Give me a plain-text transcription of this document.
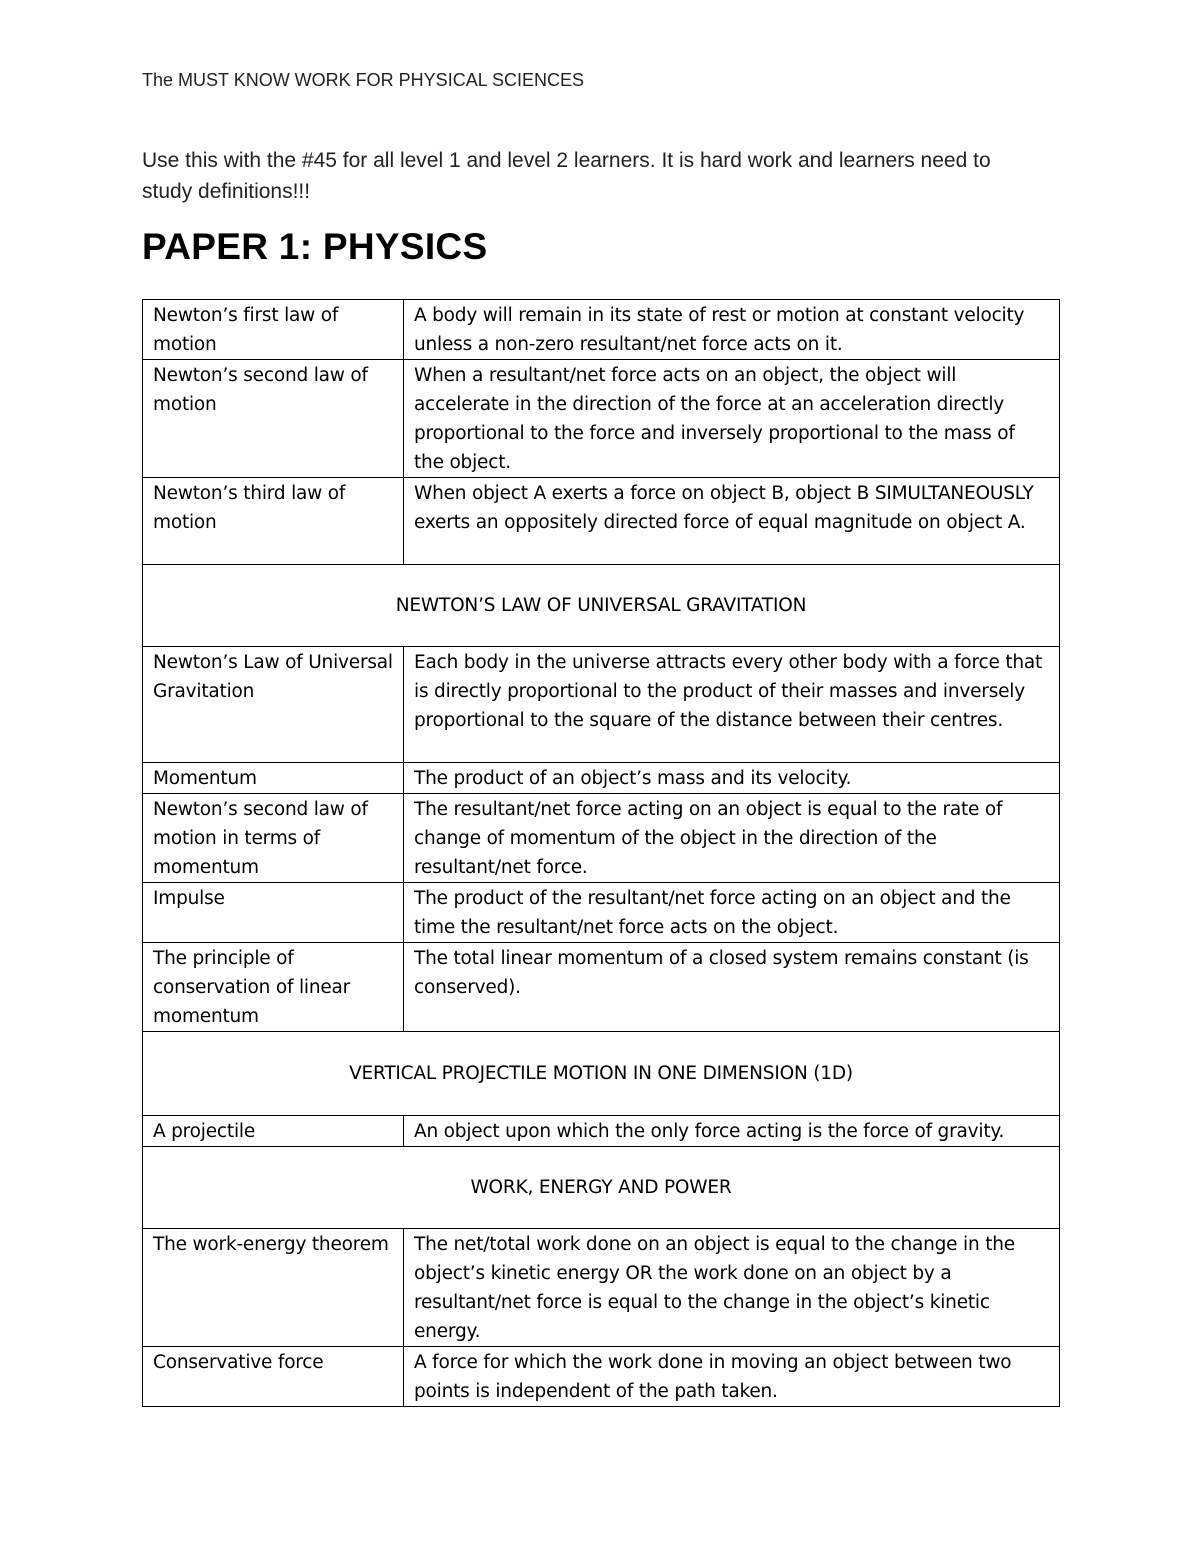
The MUST KNOW WORK FOR PHYSICAL SCIENCES

Use this with the #45 for all level 1 and level 2 learners. It is hard work and learners need to study definitions!!!

PAPER 1: PHYSICS
Newton’s first law of motion	A body will remain in its state of rest or motion at constant velocity unless a non-zero resultant/net force acts on it.
Newton’s second law of motion	When a resultant/net force acts on an object, the object will accelerate in the direction of the force at an acceleration directly proportional to the force and inversely proportional to the mass of the object.
Newton’s third law of motion	When object A exerts a force on object B, object B SIMULTANEOUSLY exerts an oppositely directed force of equal magnitude on object A.
NEWTON’S LAW OF UNIVERSAL GRAVITATION	
Newton’s Law of Universal Gravitation	Each body in the universe attracts every other body with a force that is directly proportional to the product of their masses and inversely proportional to the square of the distance between their centres.
Momentum	The product of an object’s mass and its velocity.
Newton’s second law of motion in terms of momentum	The resultant/net force acting on an object is equal to the rate of change of momentum of the object in the direction of the resultant/net force.
Impulse	The product of the resultant/net force acting on an object and the time the resultant/net force acts on the object.
The principle of conservation of linear momentum	The total linear momentum of a closed system remains constant (is conserved).
VERTICAL PROJECTILE MOTION IN ONE DIMENSION (1D)	
A projectile	An object upon which the only force acting is the force of gravity.
WORK, ENERGY AND POWER	
The work-energy theorem	The net/total work done on an object is equal to the change in the object’s kinetic energy OR the work done on an object by a resultant/net force is equal to the change in the object’s kinetic energy.
Conservative force	A force for which the work done in moving an object between two points is independent of the path taken.
